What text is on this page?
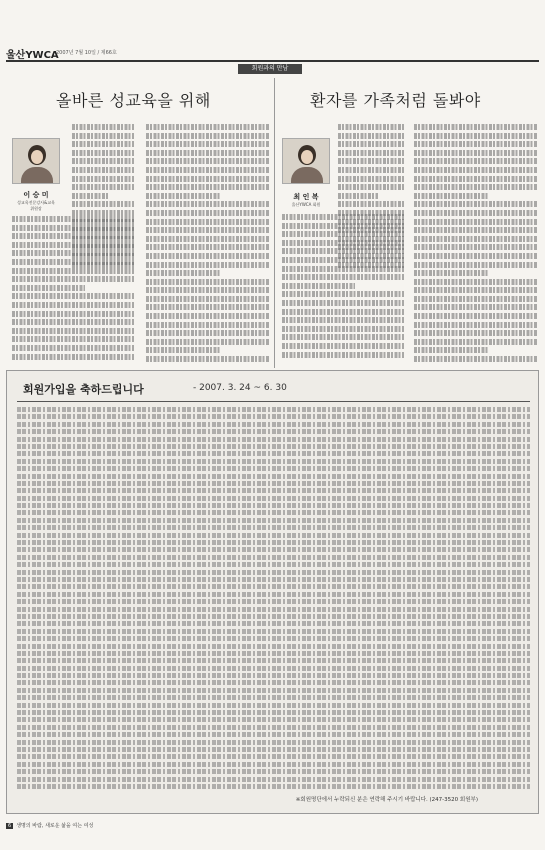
울산YWCA
2007년 7월 10일 / 제66호
회원과의 만남
올바른 성교육을 위해
이 승 미
성교육전문강사&교육
위원장
환자를 가족처럼 돌봐야
최 인 복
울산YWCA 회원
회원가입을 축하드립니다	- 2007. 3. 24 ~ 6. 30
※회원명단에서 누락되신 분은 연락해 주시기 바랍니다. (247-3520 회원부)
6 생명의 바람, 새로운 삶을 여는 여성
